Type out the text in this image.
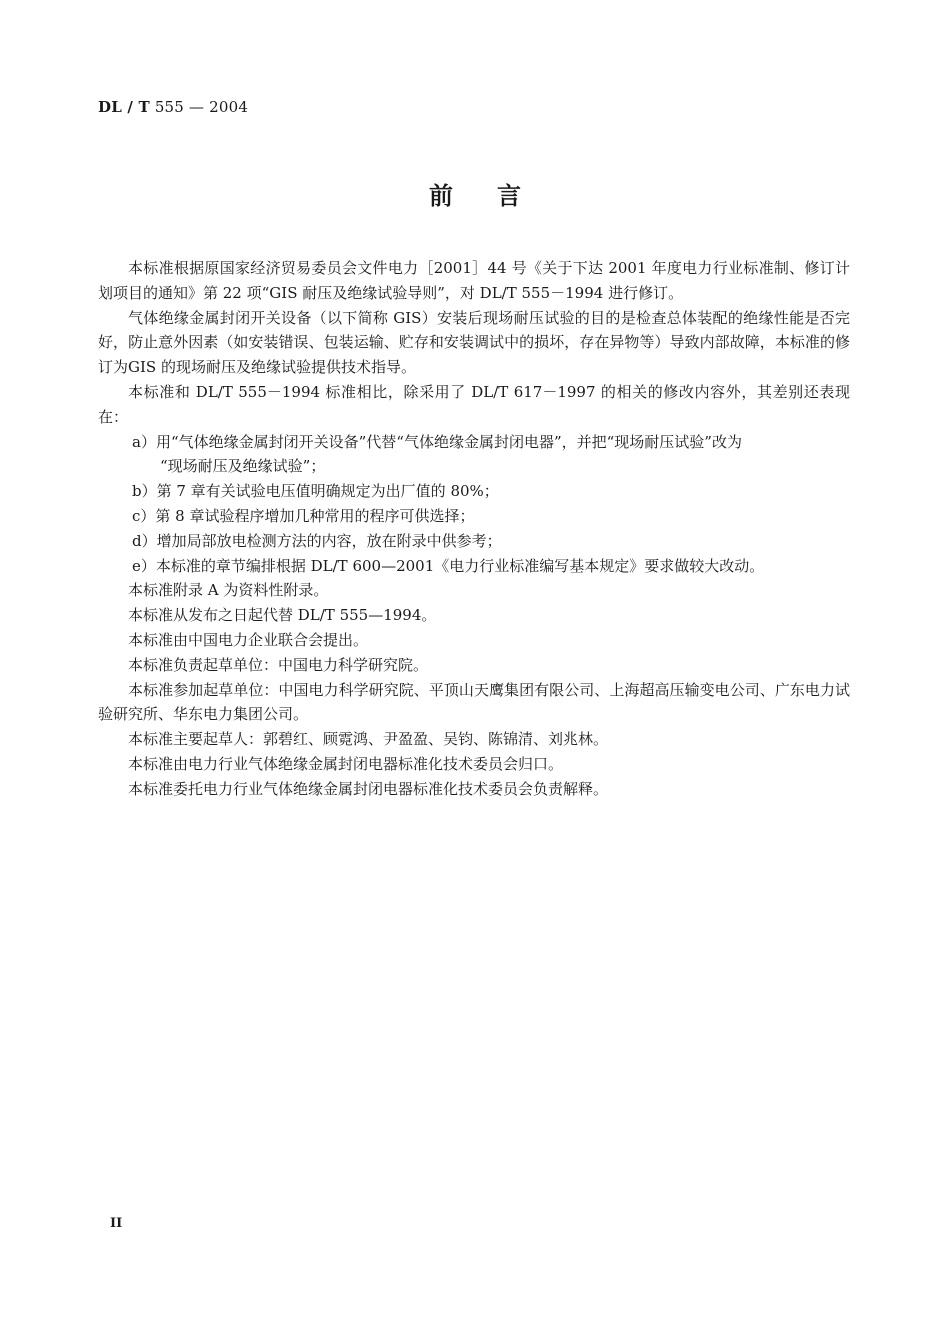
DL / T 555 — 2004
前言

本标准根据原国家经济贸易委员会文件电力［2001］44 号《关于下达 2001 年度电力行业标准制、修订计划项目的通知》第 22 项“GIS 耐压及绝缘试验导则”，对 DL/T 555－1994 进行修订。

气体绝缘金属封闭开关设备（以下简称 GIS）安装后现场耐压试验的目的是检查总体装配的绝缘性能是否完好，防止意外因素（如安装错误、包装运输、贮存和安装调试中的损坏，存在异物等）导致内部故障，本标准的修订为GIS 的现场耐压及绝缘试验提供技术指导。

本标准和 DL/T 555－1994 标准相比，除采用了 DL/T 617－1997 的相关的修改内容外，其差别还表现在：

a）用“气体绝缘金属封闭开关设备”代替“气体绝缘金属封闭电器”，并把“现场耐压试验”改为
“现场耐压及绝缘试验”；

b）第 7 章有关试验电压值明确规定为出厂值的 80%；

c）第 8 章试验程序增加几种常用的程序可供选择；

d）增加局部放电检测方法的内容，放在附录中供参考；

e）本标准的章节编排根据 DL/T 600—2001《电力行业标准编写基本规定》要求做较大改动。

本标准附录 A 为资料性附录。

本标准从发布之日起代替 DL/T 555—1994。

本标准由中国电力企业联合会提出。

本标准负责起草单位：中国电力科学研究院。

本标准参加起草单位：中国电力科学研究院、平顶山天鹰集团有限公司、上海超高压输变电公司、广东电力试验研究所、华东电力集团公司。

本标准主要起草人：郭碧红、顾霓鸿、尹盈盈、吴钧、陈锦清、刘兆林。

本标准由电力行业气体绝缘金属封闭电器标准化技术委员会归口。

本标准委托电力行业气体绝缘金属封闭电器标准化技术委员会负责解释。

II
